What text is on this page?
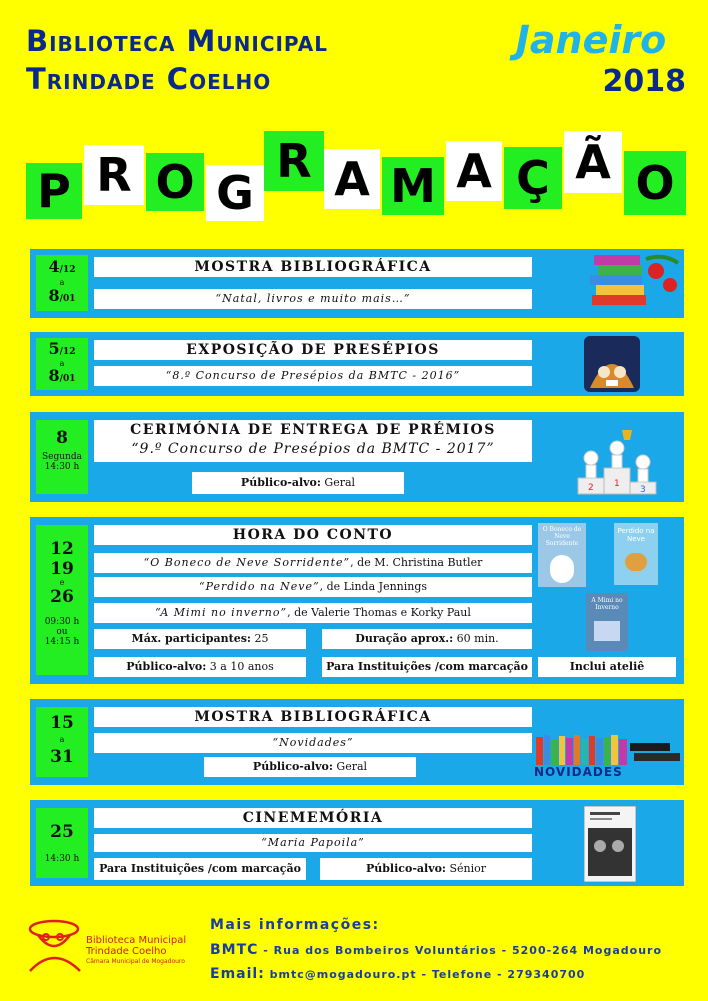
Biblioteca Municipal
Trindade Coelho
Janeiro
2018
P R O G
R A M A Ç Ã O
4/12
a
8/01
MOSTRA BIBLIOGRÁFICA
“Natal, livros e muito mais…”
5/12
a
8/01
EXPOSIÇÃO DE PRESÉPIOS
“8.º Concurso de Presépios da BMTC - 2016”
8
Segunda
14:30 h
CERIMÓNIA DE ENTREGA DE PRÉMIOS
“9.º Concurso de Presépios da BMTC - 2017”
Público-alvo: Geral	1
2	3
12
19
e
26
09:30 h
ou
14:15 h
HORA DO CONTO
“O Boneco de Neve Sorridente”, de M. Christina Butler
“Perdido na Neve”, de Linda Jennings
“A Mimi no inverno”, de Valerie Thomas e Korky Paul
Máx. participantes: 25	Duração aprox.: 60 min.
Público-alvo: 3 a 10 anos	Para Instituições /com marcação	Inclui ateliê
O Boneco de Neve Sorridente
Perdido na Neve
A Mimi no Inverno
15
a
31
MOSTRA BIBLIOGRÁFICA
“Novidades”
Público-alvo: Geral	NOVIDADES
25
14:30 h
CINEMEMÓRIA
“Maria Papoila”
Para Instituições /com marcação	Público-alvo: Sénior
Biblioteca Municipal
Trindade Coelho
Câmara Municipal de Mogadouro
Mais informações:
BMTC - Rua dos Bombeiros Voluntários - 5200-264 Mogadouro
Email: bmtc@mogadouro.pt - Telefone - 279340700
